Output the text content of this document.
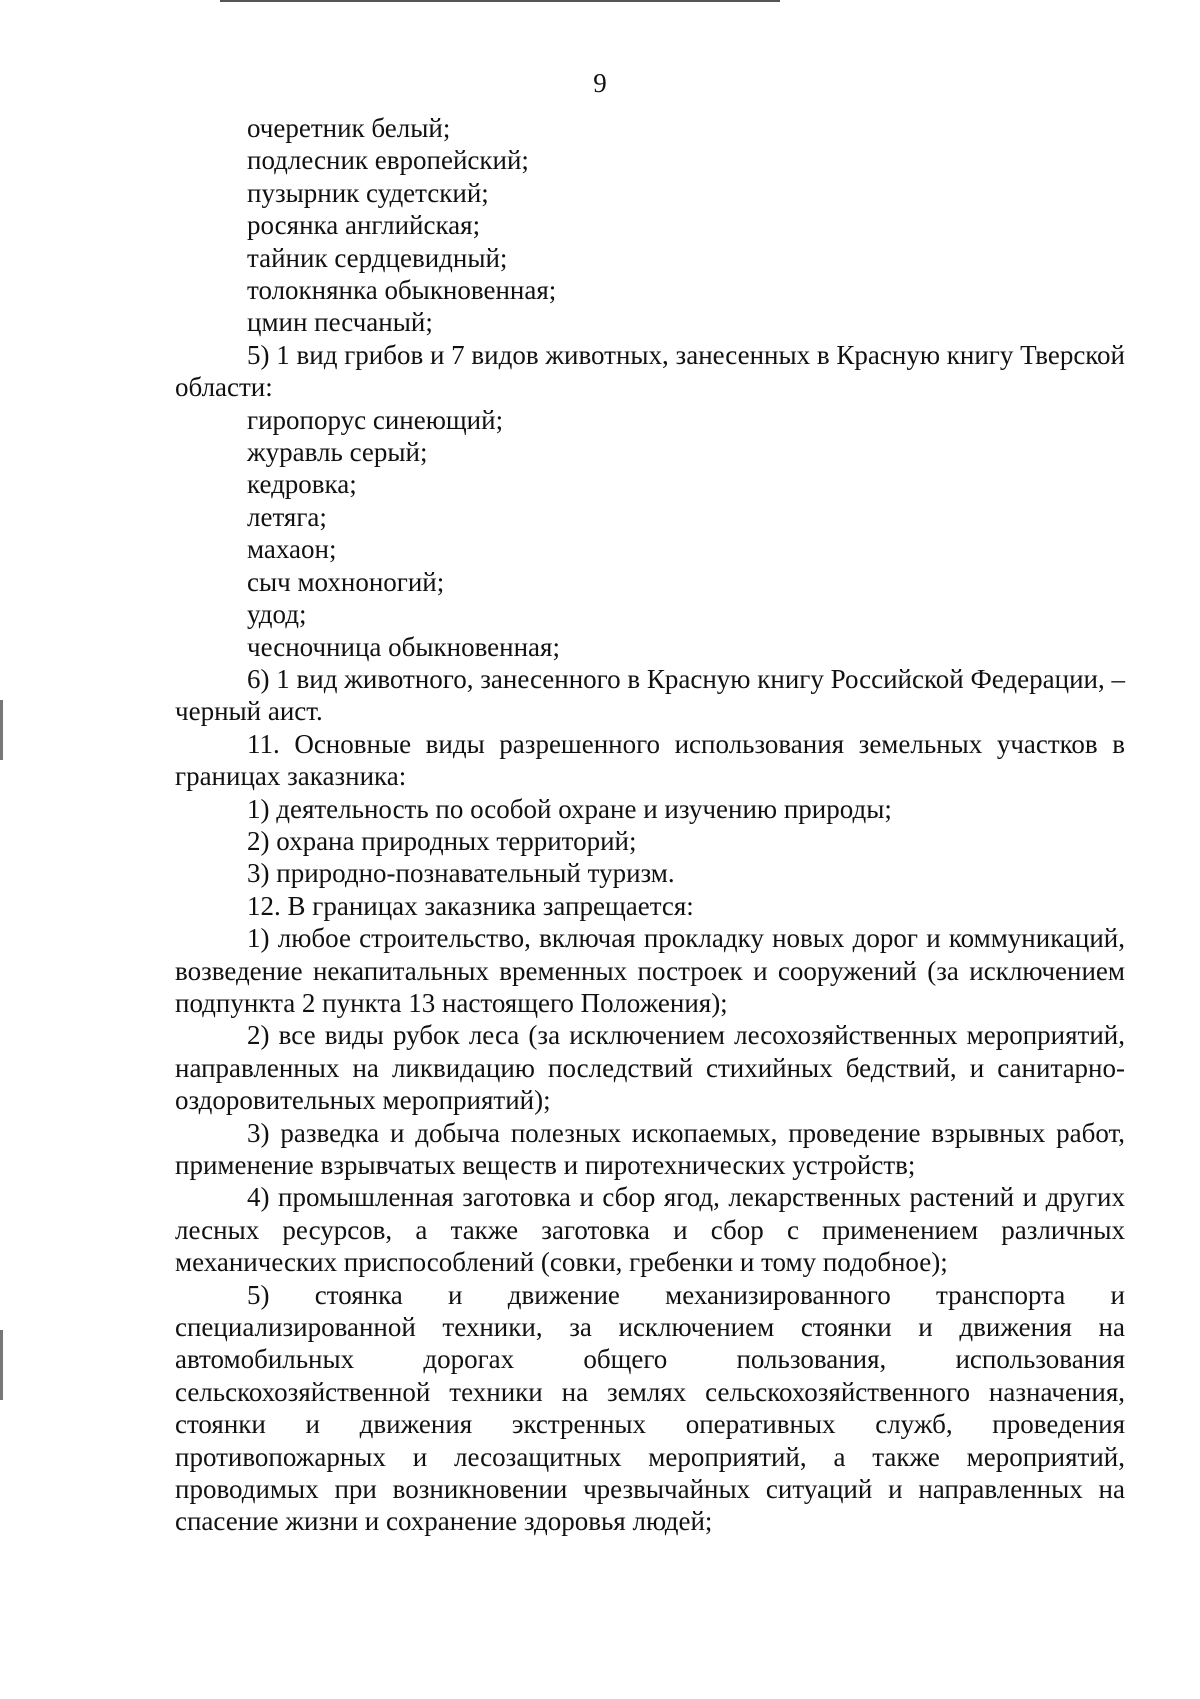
9

очеретник белый;

подлесник европейский;

пузырник судетский;

росянка английская;

тайник сердцевидный;

толокнянка обыкновенная;

цмин песчаный;

5) 1 вид грибов и 7 видов животных, занесенных в Красную книгу Тверской области:

гиропорус синеющий;

журавль серый;

кедровка;

летяга;

махаон;

сыч мохноногий;

удод;

чесночница обыкновенная;

6) 1 вид животного, занесенного в Красную книгу Российской Федерации, – черный аист.

11. Основные виды разрешенного использования земельных участков в границах заказника:

1) деятельность по особой охране и изучению природы;

2) охрана природных территорий;

3) природно-познавательный туризм.

12. В границах заказника запрещается:

1) любое строительство, включая прокладку новых дорог и коммуникаций, возведение некапитальных временных построек и сооружений (за исключением подпункта 2 пункта 13 настоящего Положения);

2) все виды рубок леса (за исключением лесохозяйственных мероприятий, направленных на ликвидацию последствий стихийных бедствий, и санитарно-оздоровительных мероприятий);

3) разведка и добыча полезных ископаемых, проведение взрывных работ, применение взрывчатых веществ и пиротехнических устройств;

4) промышленная заготовка и сбор ягод, лекарственных растений и других лесных ресурсов, а также заготовка и сбор с применением различных механических приспособлений (совки, гребенки и тому подобное);

5) стоянка и движение механизированного транспорта и специализированной техники, за исключением стоянки и движения на автомобильных дорогах общего пользования, использования сельскохозяйственной техники на землях сельскохозяйственного назначения, стоянки и движения экстренных оперативных служб, проведения противопожарных и лесозащитных мероприятий, а также мероприятий, проводимых при возникновении чрезвычайных ситуаций и направленных на спасение жизни и сохранение здоровья людей;
